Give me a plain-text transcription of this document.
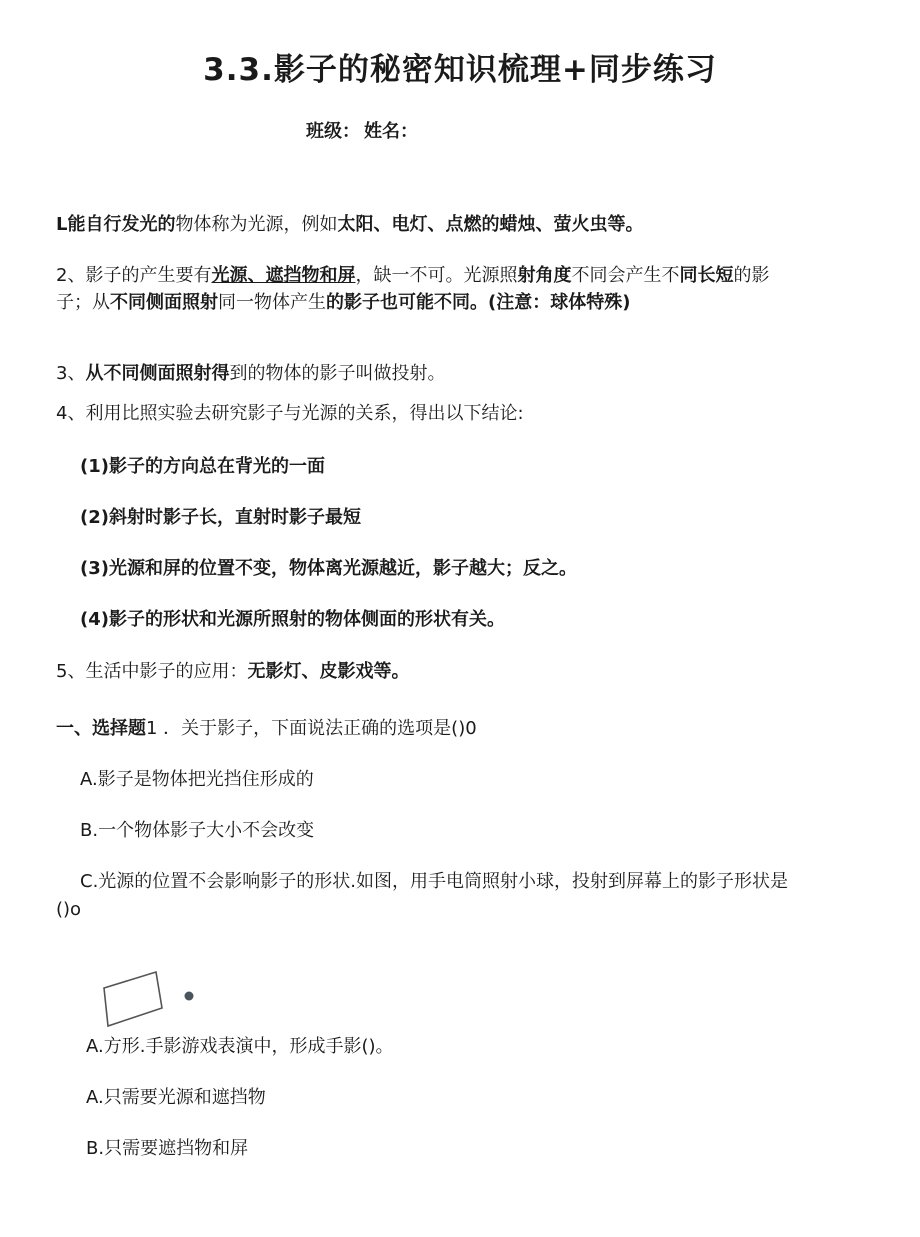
3.3.影子的秘密知识梳理+同步练习
班级： 姓名：
L能自行发光的物体称为光源，例如太阳、电灯、点燃的蜡烛、萤火虫等。
2、影子的产生要有光源、遮挡物和屏，缺一不可。光源照射角度不同会产生不同长短的影
子；从不同侧面照射同一物体产生的影子也可能不同。(注意：球体特殊)
3、从不同侧面照射得到的物体的影子叫做投射。
4、利用比照实验去研究影子与光源的关系，得出以下结论:
(1)影子的方向总在背光的一面
(2)斜射时影子长，直射时影子最短
(3)光源和屏的位置不变，物体离光源越近，影子越大；反之。
(4)影子的形状和光源所照射的物体侧面的形状有关。
5、生活中影子的应用：无影灯、皮影戏等。
一、选择题1 ．关于影子，下面说法正确的选项是()0
A.影子是物体把光挡住形成的
B.一个物体影子大小不会改变
C.光源的位置不会影响影子的形状.如图，用手电筒照射小球，投射到屏幕上的影子形状是
()o
A.方形.手影游戏表演中，形成手影()。
A.只需要光源和遮挡物
B.只需要遮挡物和屏
